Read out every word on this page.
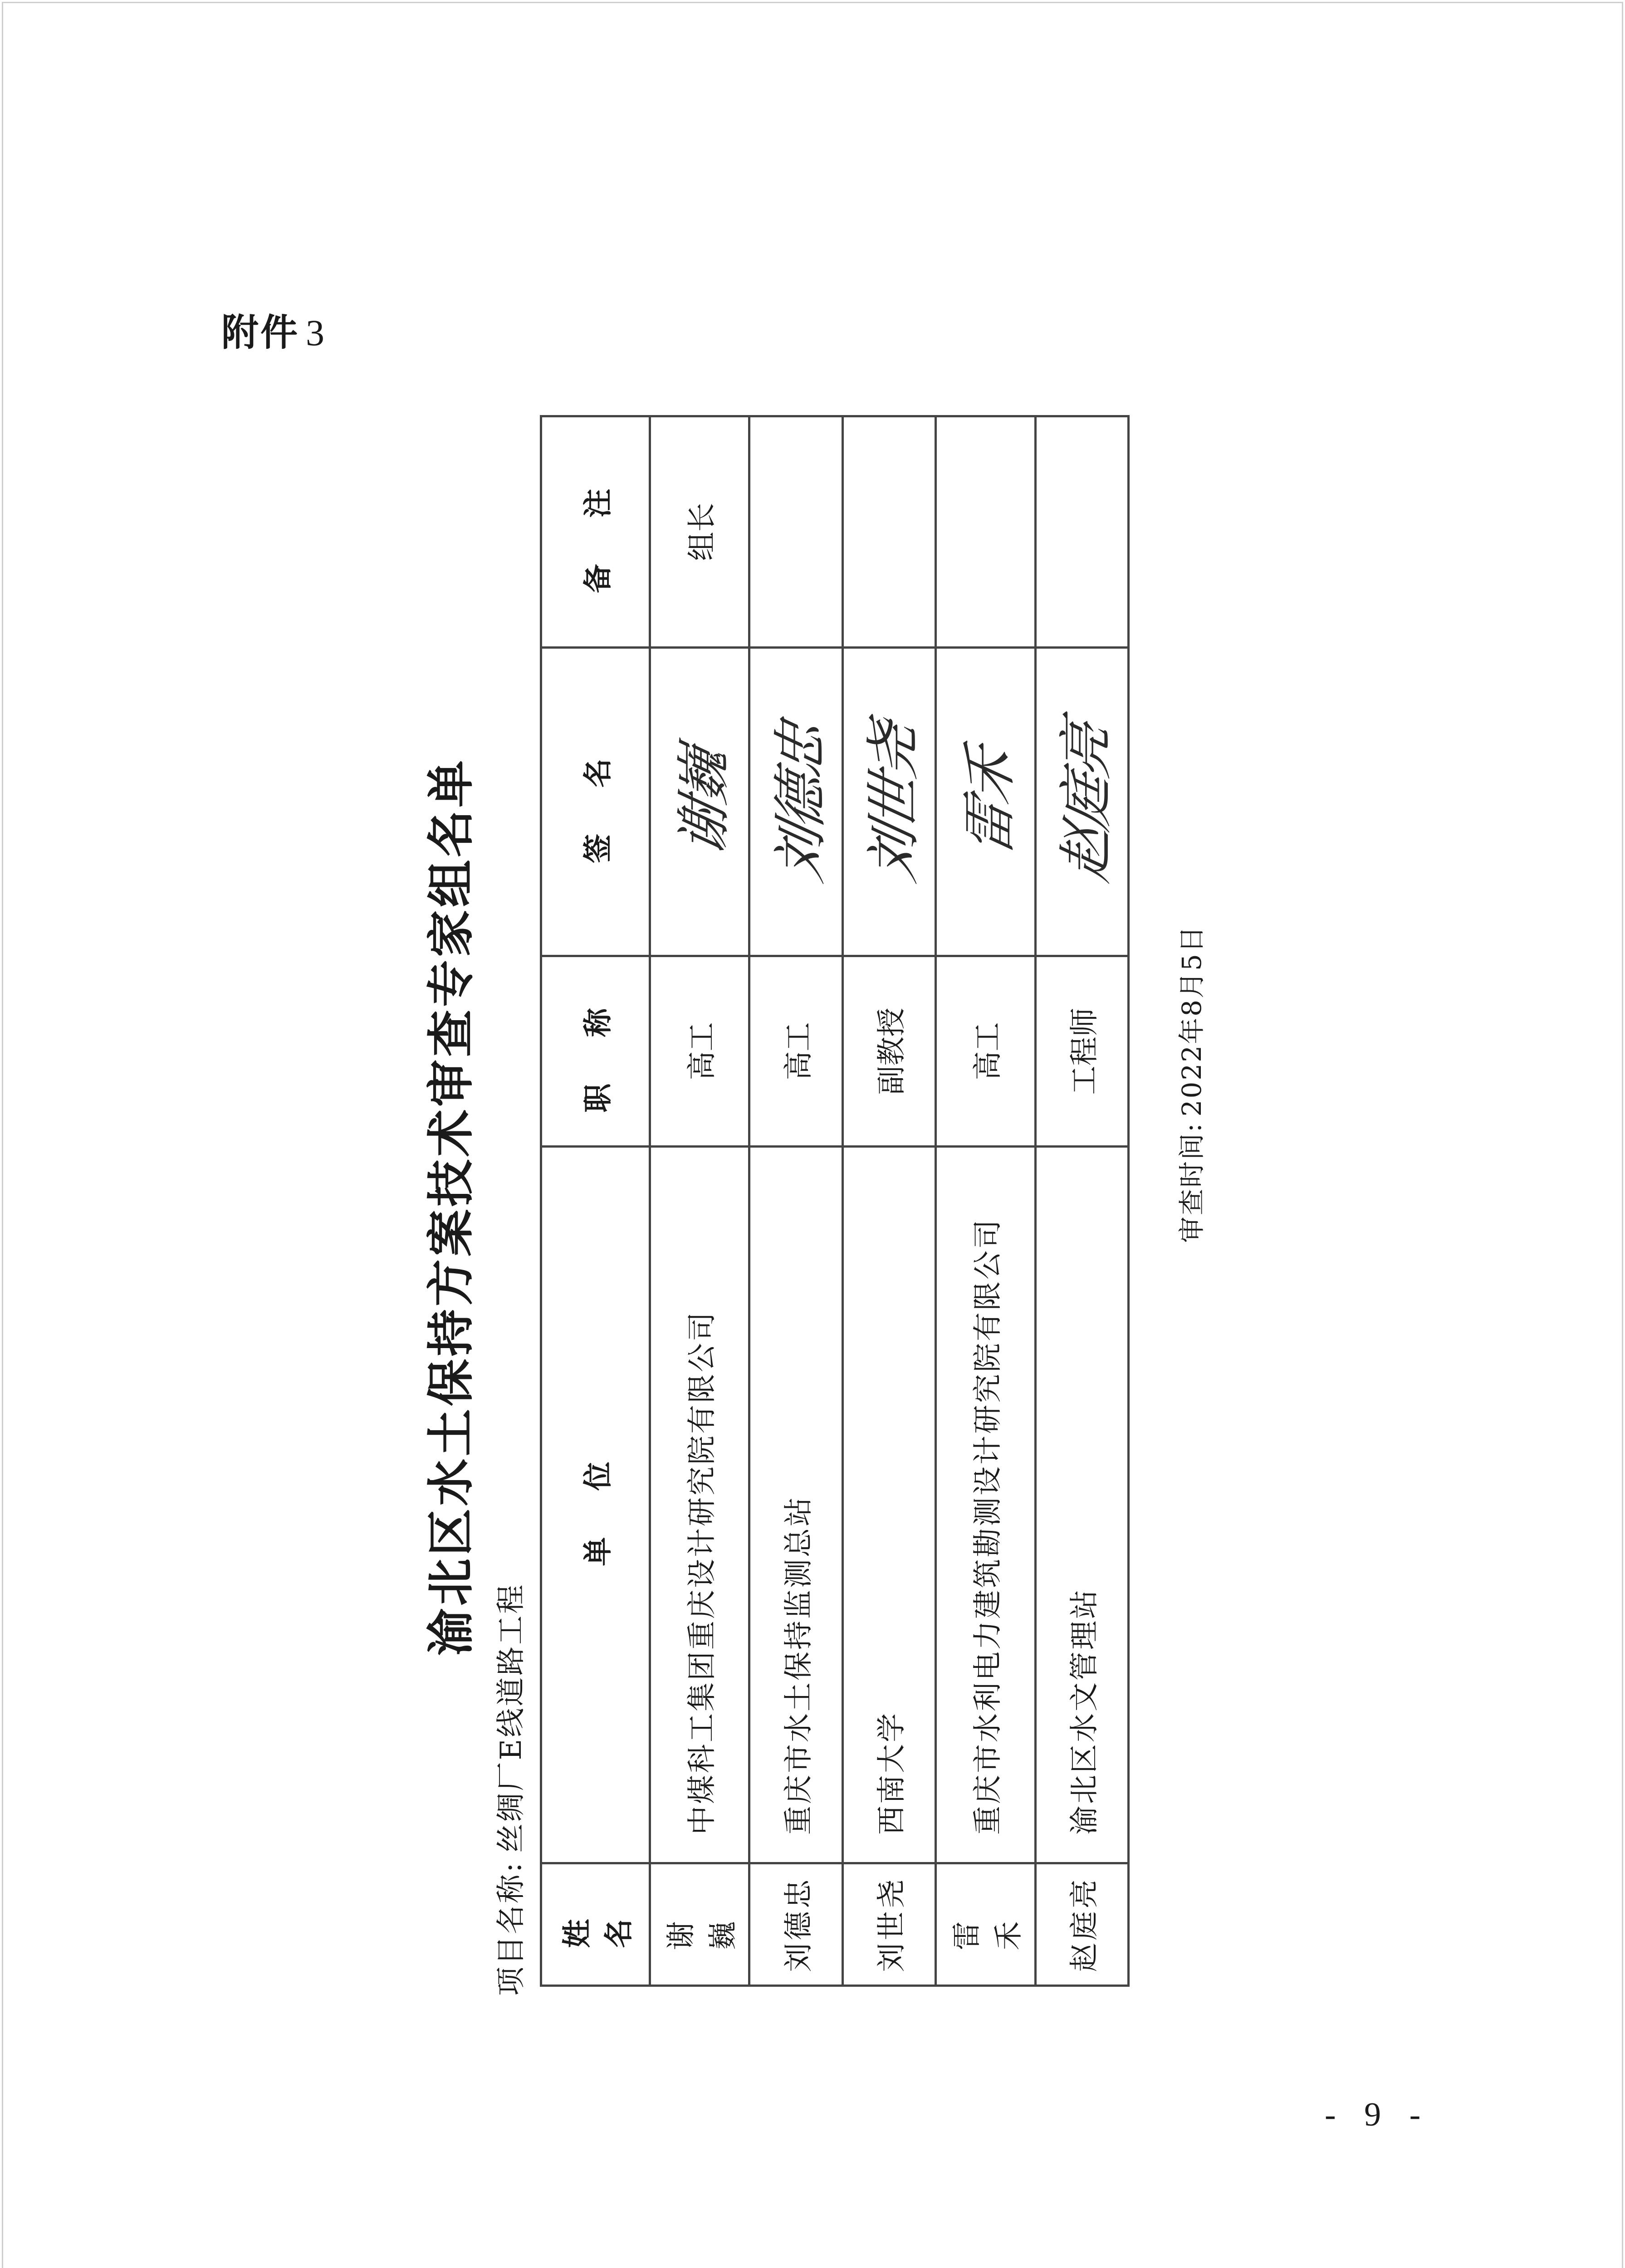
附件 3
渝北区水土保持方案技术审查专家组名单
项目名称:丝绸厂E线道路工程
姓 名	单 位	职 称	签 名	备 注
谢 巍	中煤科工集团重庆设计研究院有限公司	高工	谢巍	组长
刘德忠	重庆市水土保持监测总站	高工	刘德忠	
刘世尧	西南大学	副教授	刘世尧	
雷 禾	重庆市水利电力建筑勘测设计研究院有限公司	高工	雷禾	
赵庭亮	渝北区水文管理站	工程师	赵庭亮	
审查时间:2022年8月5日
- 9 -
